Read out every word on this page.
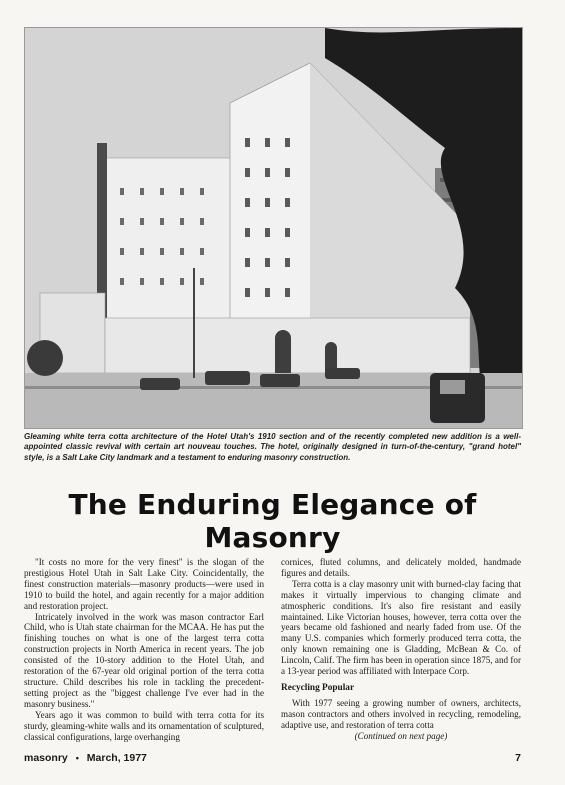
Gleaming white terra cotta architecture of the Hotel Utah's 1910 section and of the recently completed new addition is a well-appointed classic revival with certain art nouveau touches. The hotel, originally designed in turn-of-the-century, "grand hotel" style, is a Salt Lake City landmark and a testament to enduring masonry construction.
The Enduring Elegance of Masonry

"It costs no more for the very finest" is the slogan of the prestigious Hotel Utah in Salt Lake City. Coincidentally, the finest construction materials—masonry products—were used in 1910 to build the hotel, and again recently for a major addition and restoration project.

Intricately involved in the work was mason contractor Earl Child, who is Utah state chairman for the MCAA. He has put the finishing touches on what is one of the largest terra cotta construction projects in North America in recent years. The job consisted of the 10-story addition to the Hotel Utah, and restoration of the 67-year old original portion of the terra cotta structure. Child describes his role in tackling the precedent-setting project as the "biggest challenge I've ever had in the masonry business."

Years ago it was common to build with terra cotta for its sturdy, gleaming-white walls and its ornamentation of sculptured, classical configurations, large overhanging

cornices, fluted columns, and delicately molded, handmade figures and details.

Terra cotta is a clay masonry unit with burned-clay facing that makes it virtually impervious to changing climate and atmospheric conditions. It's also fire resistant and easily maintained. Like Victorian houses, however, terra cotta over the years became old fashioned and nearly faded from use. Of the many U.S. companies which formerly produced terra cotta, the only known remaining one is Gladding, McBean & Co. of Lincoln, Calif. The firm has been in operation since 1875, and for a 13-year period was affiliated with Interpace Corp.

Recycling Popular

With 1977 seeing a growing number of owners, architects, mason contractors and others involved in recycling, remodeling, adaptive use, and restoration of terra cotta

(Continued on next page)

masonry • March, 1977	7
